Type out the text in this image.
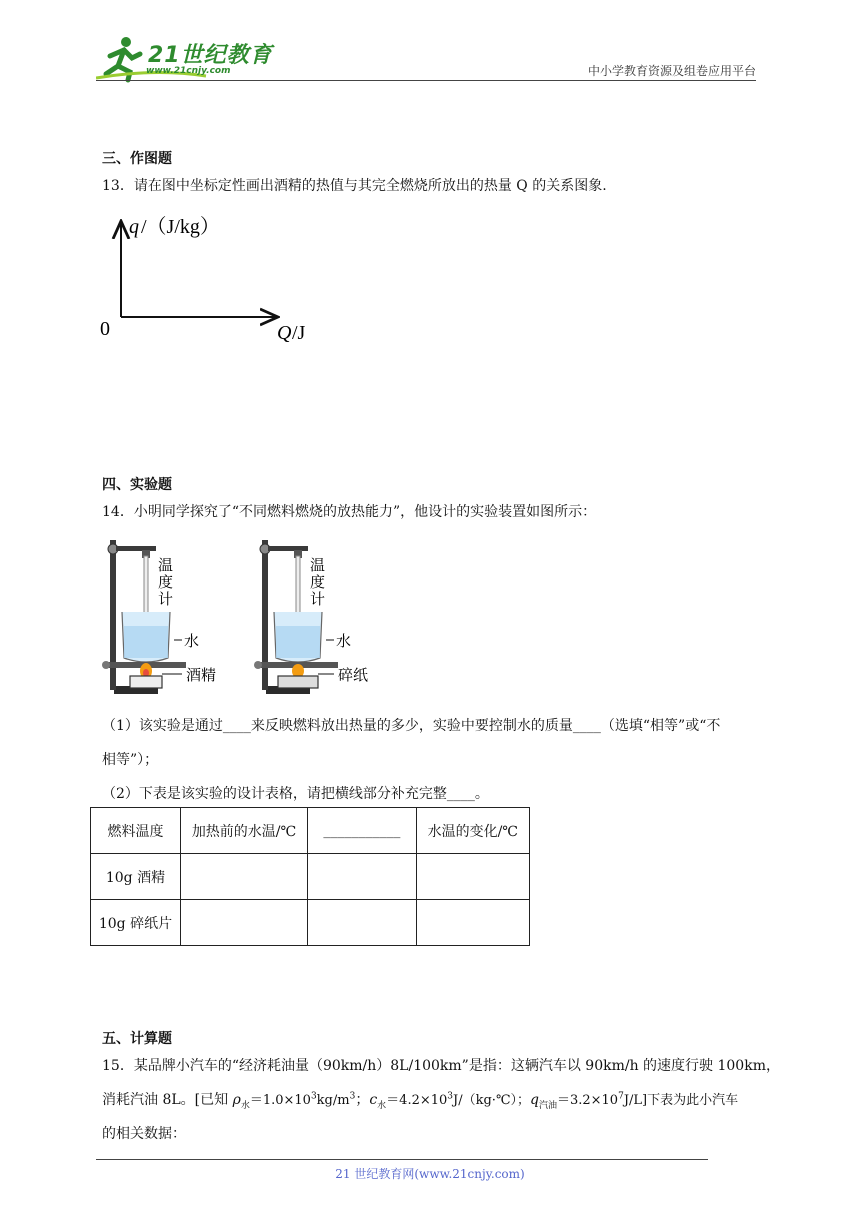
21世纪教育
www.21cnjy.com	中小学教育资源及组卷应用平台
三、作图题
13．请在图中坐标定性画出酒精的热值与其完全燃烧所放出的热量 Q 的关系图象.
q /（J/kg）
0	Q /J
四、实验题
14．小明同学探究了“不同燃料燃烧的放热能力”，他设计的实验装置如图所示：
温
度
计
水
酒精
温
度
计
水
碎纸
（1）该实验是通过____来反映燃料放出热量的多少，实验中要控制水的质量____（选填“相等”或“不
相等”）；
（2）下表是该实验的设计表格，请把横线部分补充完整____。
燃料温度	加热前的水温/℃	___________	水温的变化/℃
10g 酒精			
10g 碎纸片			
五、计算题
15．某品牌小汽车的“经济耗油量（90km/h）8L/100km”是指：这辆汽车以 90km/h 的速度行驶 100km，
消耗汽油 8L。[已知 $\rho_水=1.0\times 10^3kg/m^3$；$c_水=4.2\times 10^3J/(kg\cdot℃)$；$q_{汽油}=3.2\times 10^7J/L$]下表为此小汽车
的相关数据：
21 世纪教育网(www.21cnjy.com)
